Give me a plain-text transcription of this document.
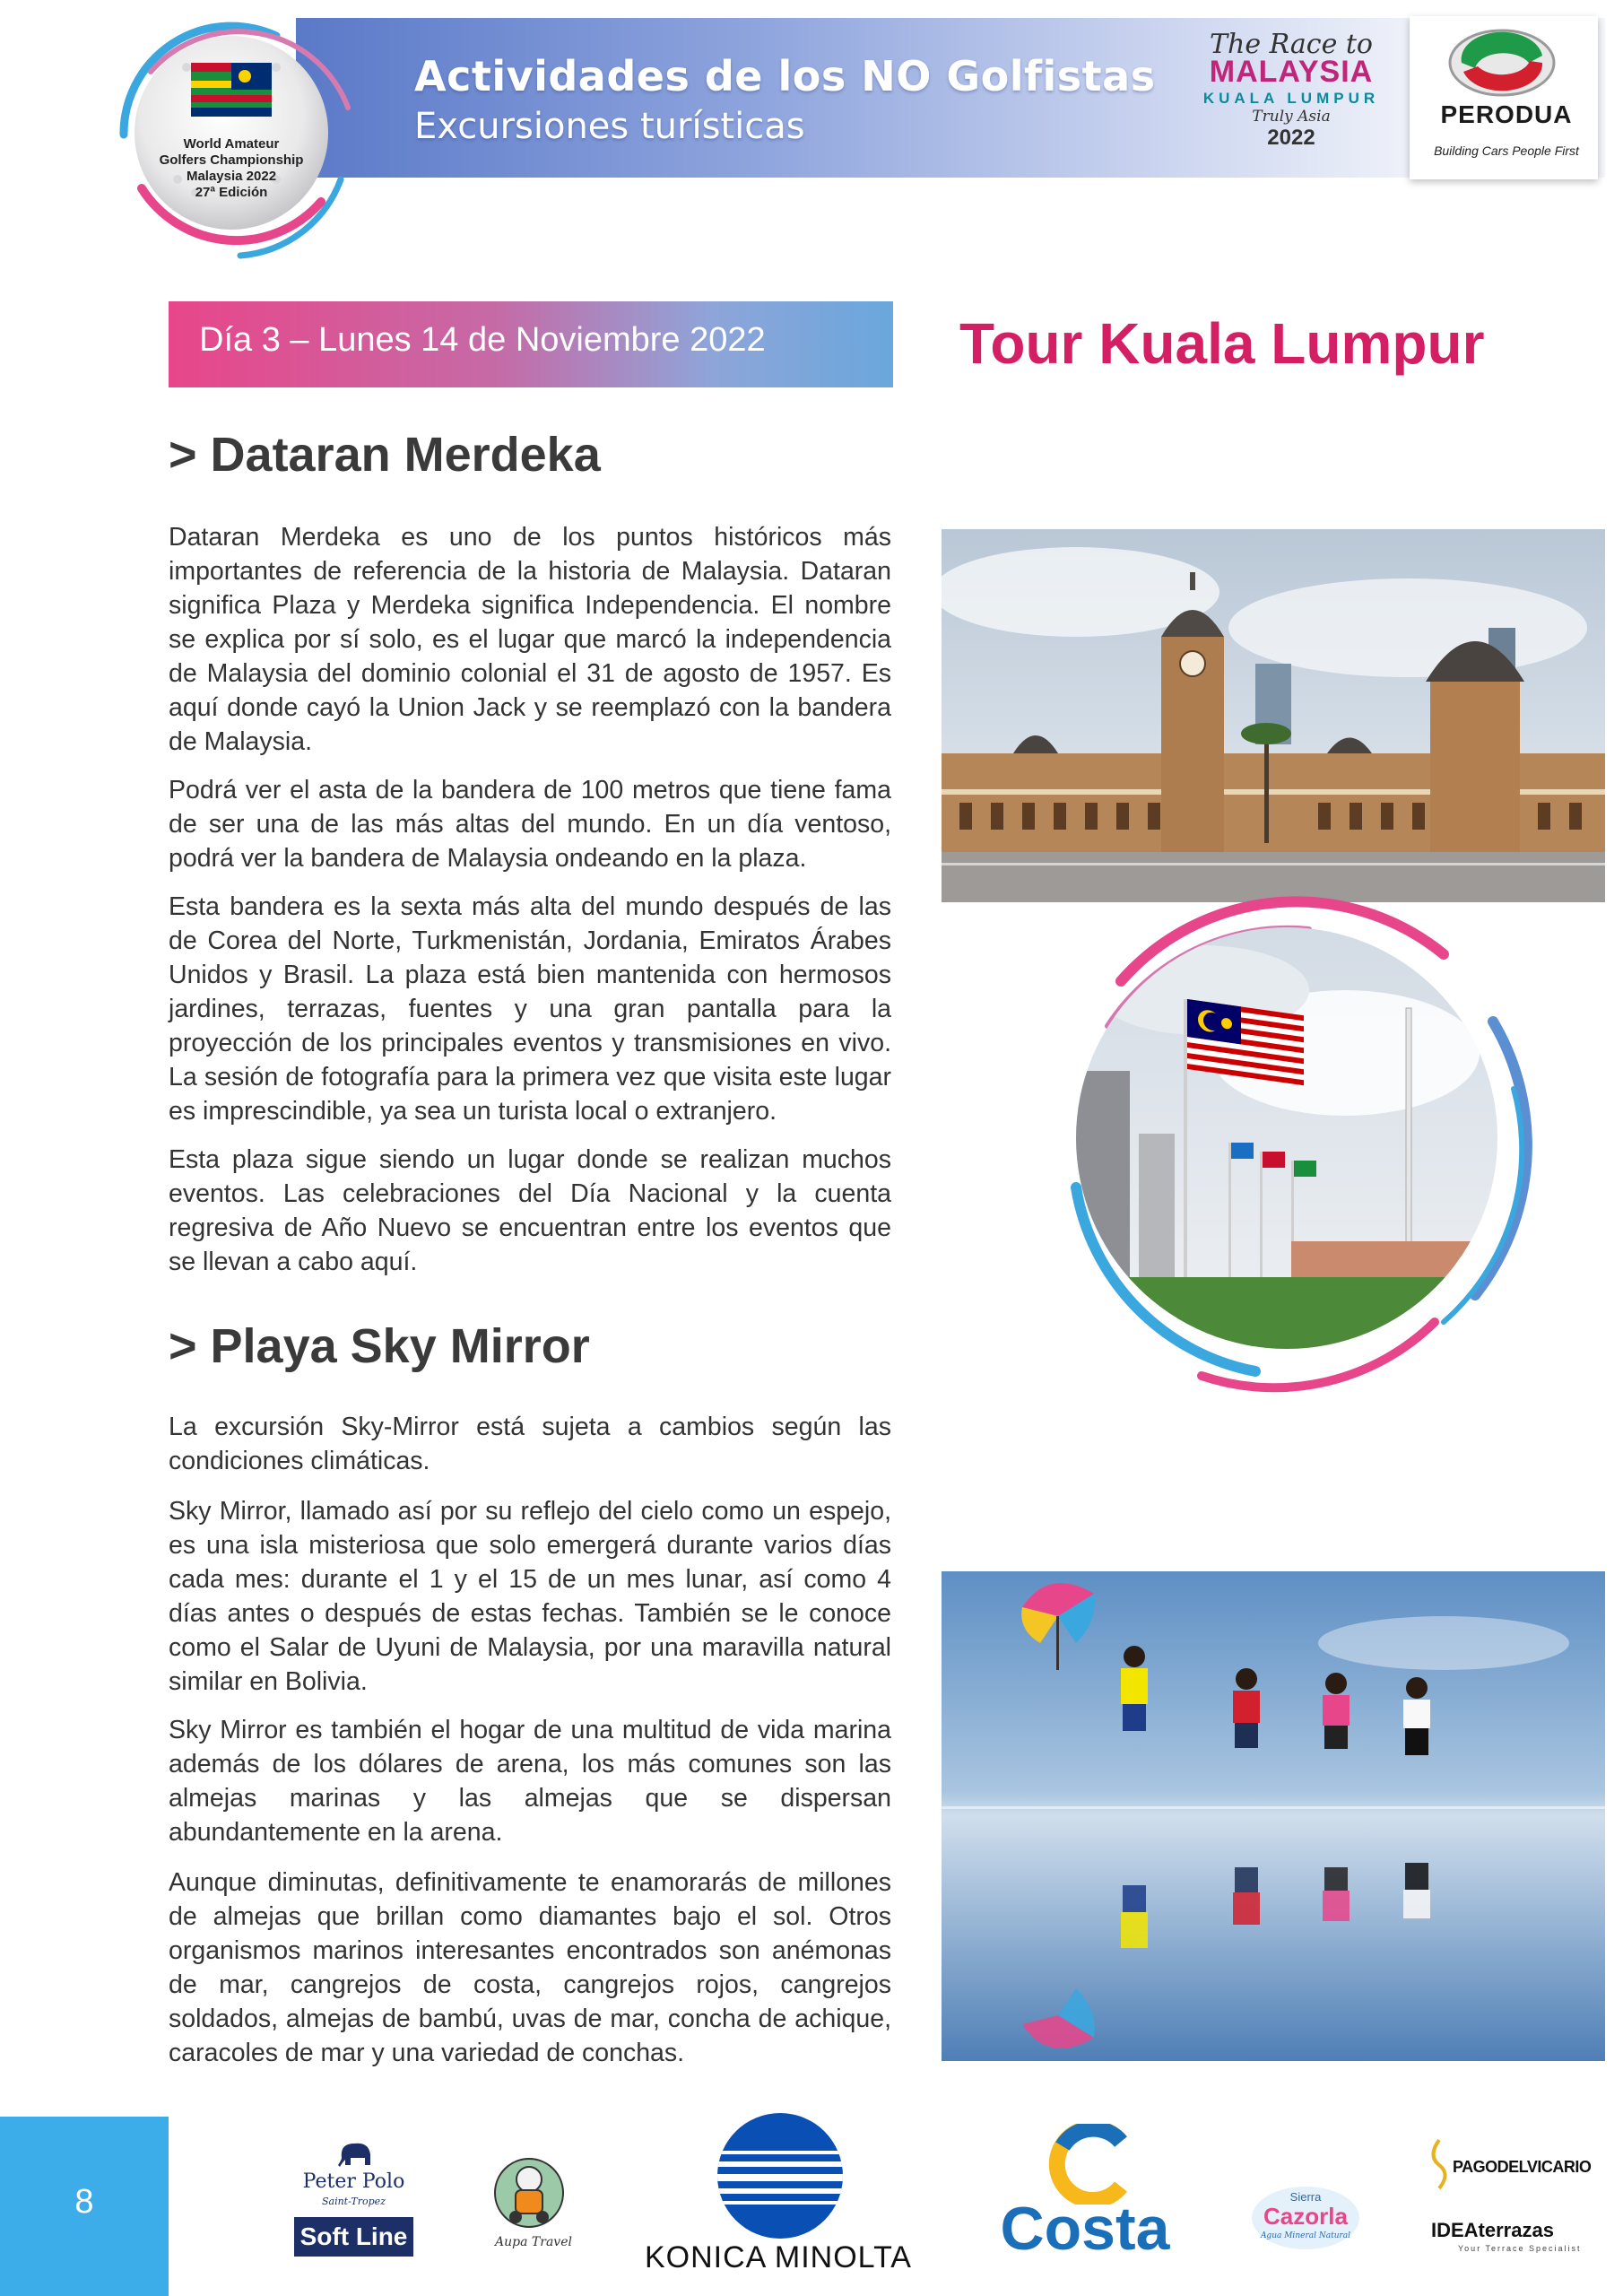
World Amateur
Golfers Championship
Malaysia 2022
27ª Edición
Actividades de los NO Golfistas
Excursiones turísticas
The Race to
MALAYSIA
KUALA LUMPUR
Truly Asia
2022
PERODUA
Building Cars People First
Día 3 – Lunes 14 de Noviembre 2022	Tour Kuala Lumpur
> Dataran Merdeka

Dataran Merdeka es uno de los puntos históricos más importantes de referencia de la historia de Malaysia. Dataran significa Plaza y Merdeka significa Independencia. El nombre se explica por sí solo, es el lugar que marcó la independencia de Malaysia del dominio colonial el 31 de agosto de 1957. Es aquí donde cayó la Union Jack y se reemplazó con la bandera de Malaysia.

Podrá ver el asta de la bandera de 100 metros que tiene fama de ser una de las más altas del mundo. En un día ventoso, podrá ver la bandera de Malaysia ondeando en la plaza.

Esta bandera es la sexta más alta del mundo después de las de Corea del Norte, Turkmenistán, Jordania, Emiratos Árabes Unidos y Brasil. La plaza está bien mantenida con hermosos jardines, terrazas, fuentes y una gran pantalla para la proyección de los principales eventos y transmisiones en vivo. La sesión de fotografía para la primera vez que visita este lugar es imprescindible, ya sea un turista local o extranjero.

Esta plaza sigue siendo un lugar donde se realizan muchos eventos. Las celebraciones del Día Nacional y la cuenta regresiva de Año Nuevo se encuentran entre los eventos que se llevan a cabo aquí.

> Playa Sky Mirror

La excursión Sky-Mirror está sujeta a cambios según las condiciones climáticas.

Sky Mirror, llamado así por su reflejo del cielo como un espejo, es una isla misteriosa que solo emergerá durante varios días cada mes: durante el 1 y el 15 de un mes lunar, así como 4 días antes o después de estas fechas. También se le conoce como el Salar de Uyuni de Malaysia, por una maravilla natural similar en Bolivia.

Sky Mirror es también el hogar de una multitud de vida marina además de los dólares de arena, los más comunes son las almejas marinas y las almejas que se dispersan abundantemente en la arena.

Aunque diminutas, definitivamente te enamorarás de millones de almejas que brillan como diamantes bajo el sol. Otros organismos marinos interesantes encontrados son anémonas de mar, cangrejos de costa, cangrejos rojos, cangrejos soldados, almejas de bambú, uvas de mar, concha de achique, caracoles de mar y una variedad de conchas.

8
Peter Polo
Saint-Tropez
Soft Line	Aupa Travel	KONICA MINOLTA	Costa	Sierra
Cazorla
Agua Mineral Natural
PAGODELVICARIO
IDEAterrazas
Your Terrace Specialist
